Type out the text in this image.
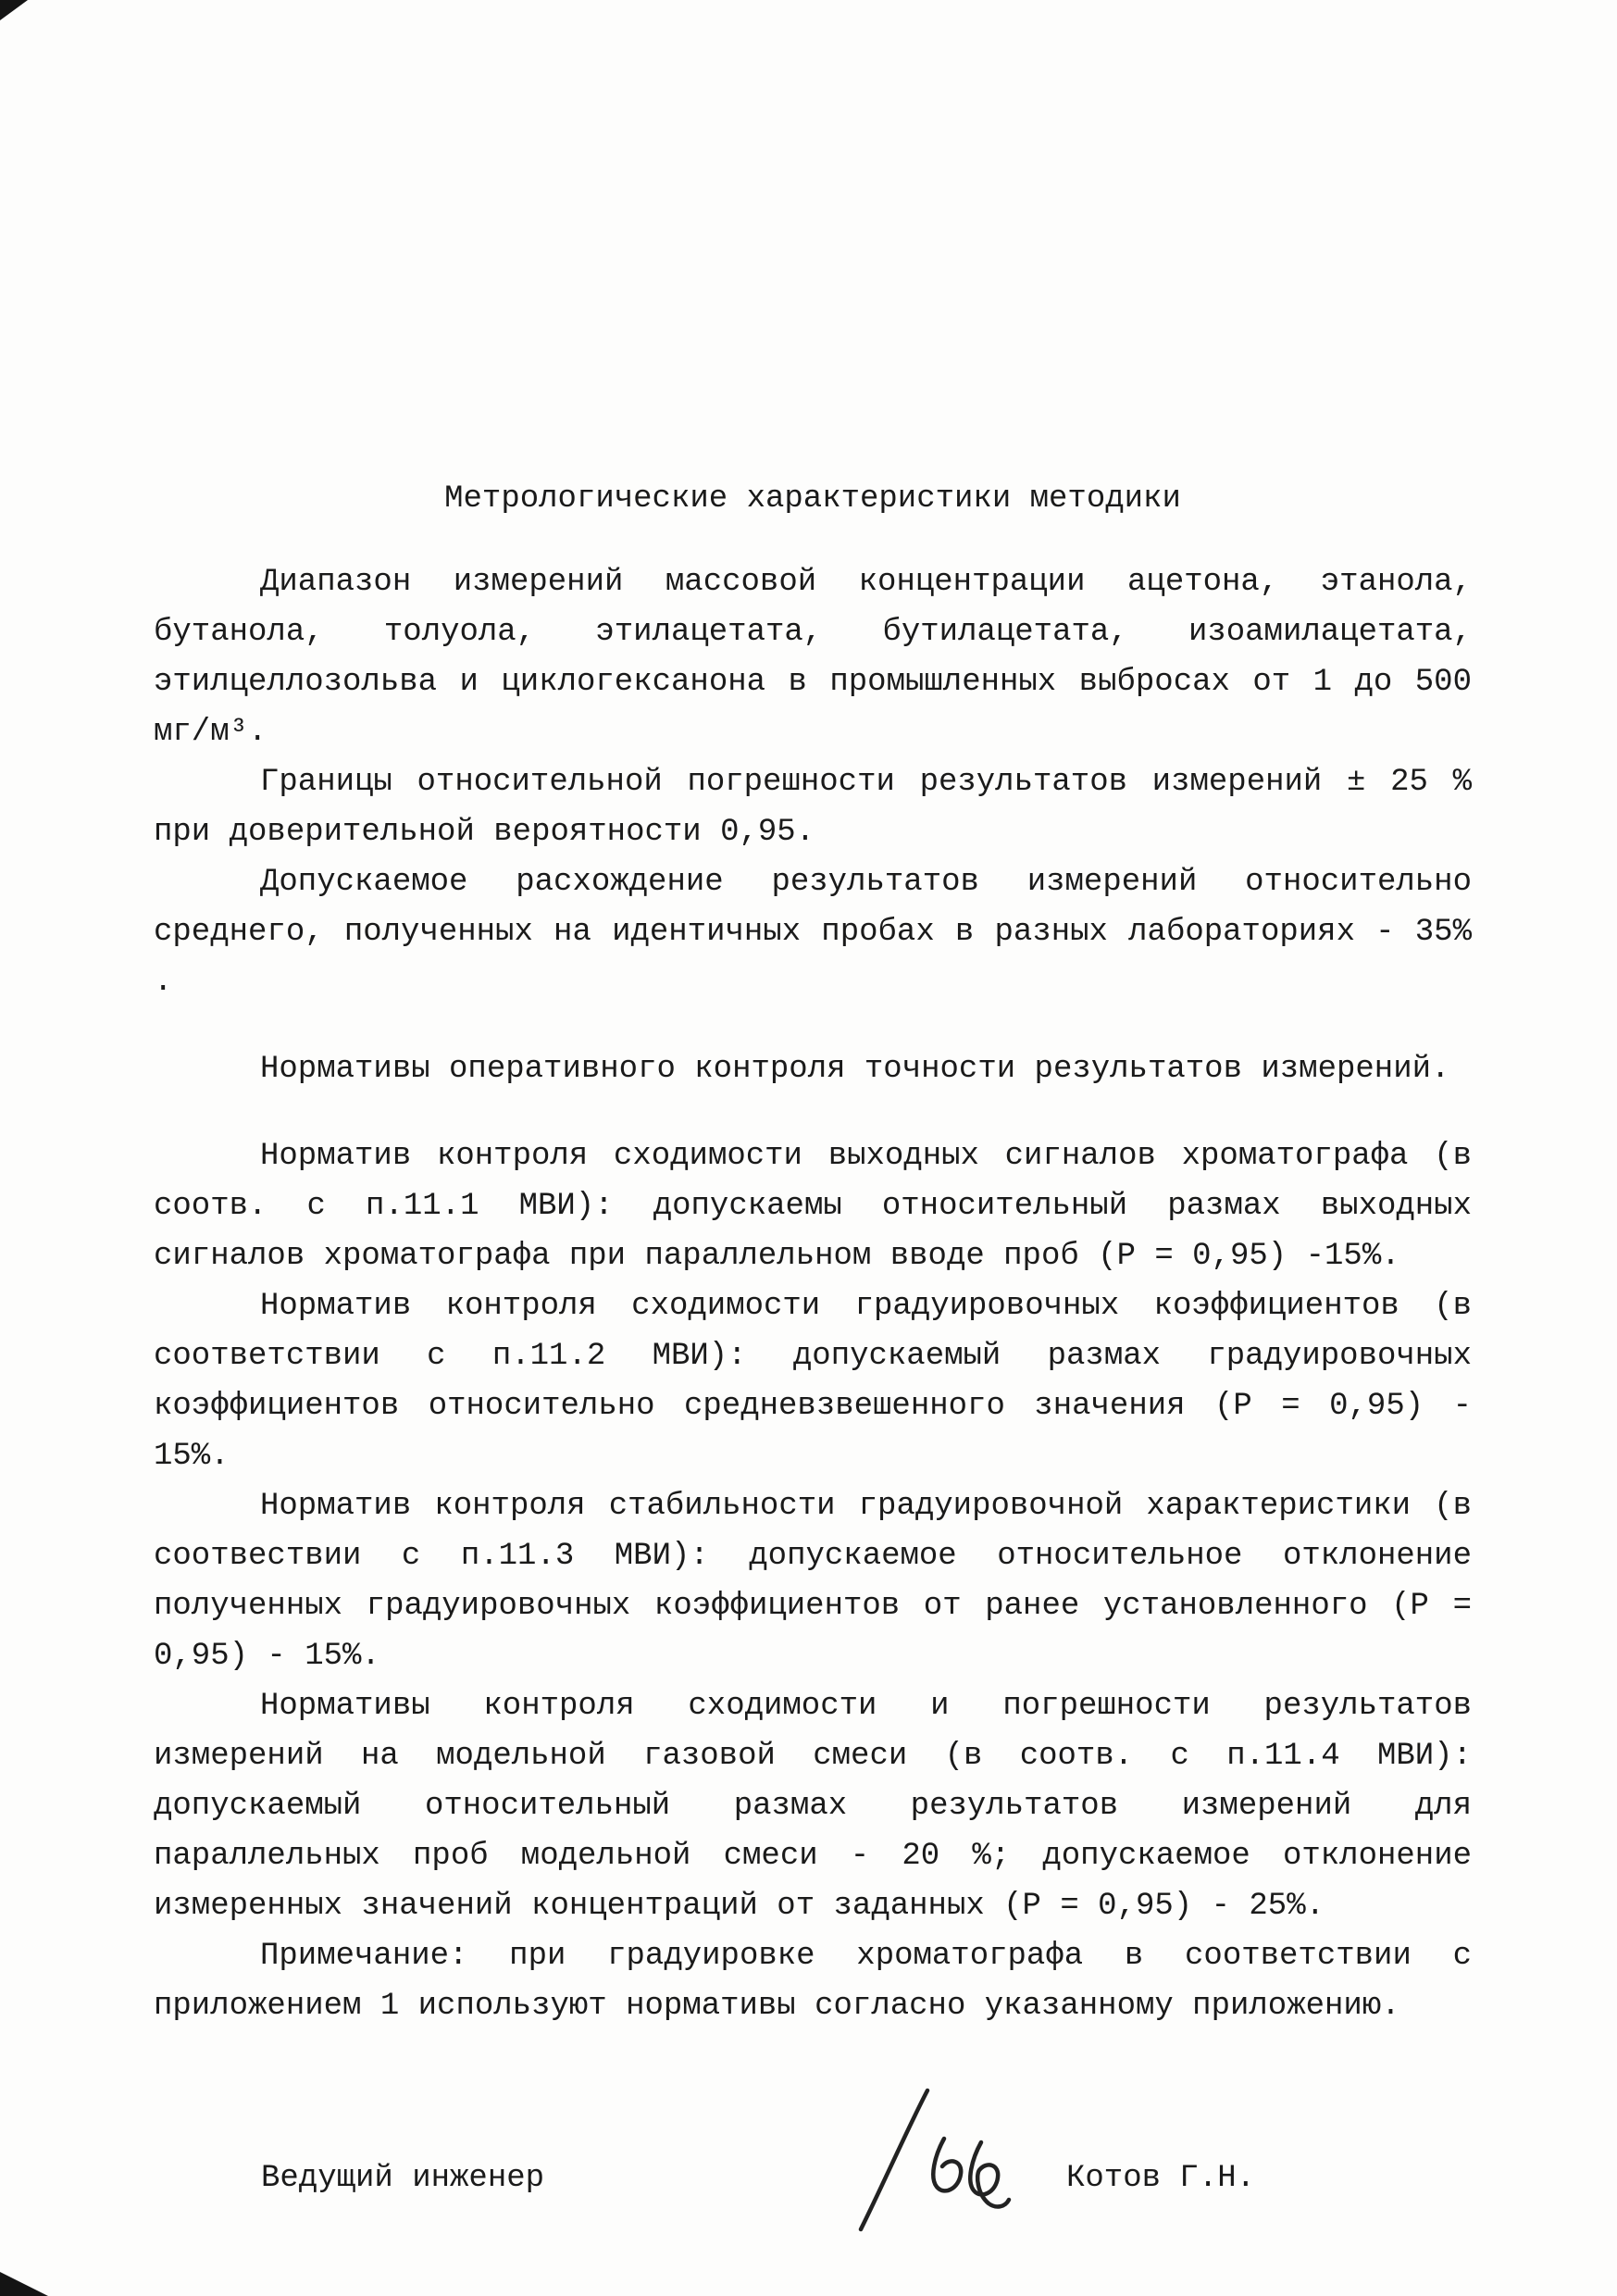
Метрологические характеристики методики

Диапазон измерений массовой концентрации ацетона, этанола, бутанола, толуола, этилацетата, бутилацетата, изоамилацетата, этилцеллозольва и циклогексанона в промышленных выбросах от 1 до 500 мг/м³.

Границы относительной погрешности результатов измерений ± 25 % при доверительной вероятности 0,95.

Допускаемое расхождение результатов измерений относительно среднего, полученных на идентичных пробах в разных лабораториях - 35% .

Нормативы оперативного контроля точности результатов измерений.

Норматив контроля сходимости выходных сигналов хроматографа (в соотв. с п.11.1 МВИ): допускаемы относительный размах выходных сигналов хроматографа при параллельном вводе проб (Р = 0,95) -15%.

Норматив контроля сходимости градуировочных коэффициентов (в соответствии с п.11.2 МВИ): допускаемый размах градуировочных коэффициентов относительно средневзвешенного значения (Р = 0,95) - 15%.

Норматив контроля стабильности градуировочной характеристики (в соотвествии с п.11.3 МВИ): допускаемое относительное отклонение полученных градуировочных коэффициентов от ранее установленного (Р = 0,95) - 15%.

Нормативы контроля сходимости и погрешности результатов измерений на модельной газовой смеси (в соотв. с п.11.4 МВИ): допускаемый относительный размах результатов измерений для параллельных проб модельной смеси - 20 %; допускаемое отклонение измеренных значений концентраций от заданных (Р = 0,95) - 25%.

Примечание: при градуировке хроматографа в соответствии с приложением 1 используют нормативы согласно указанному приложению.

Ведущий инженер	Котов Г.Н.
